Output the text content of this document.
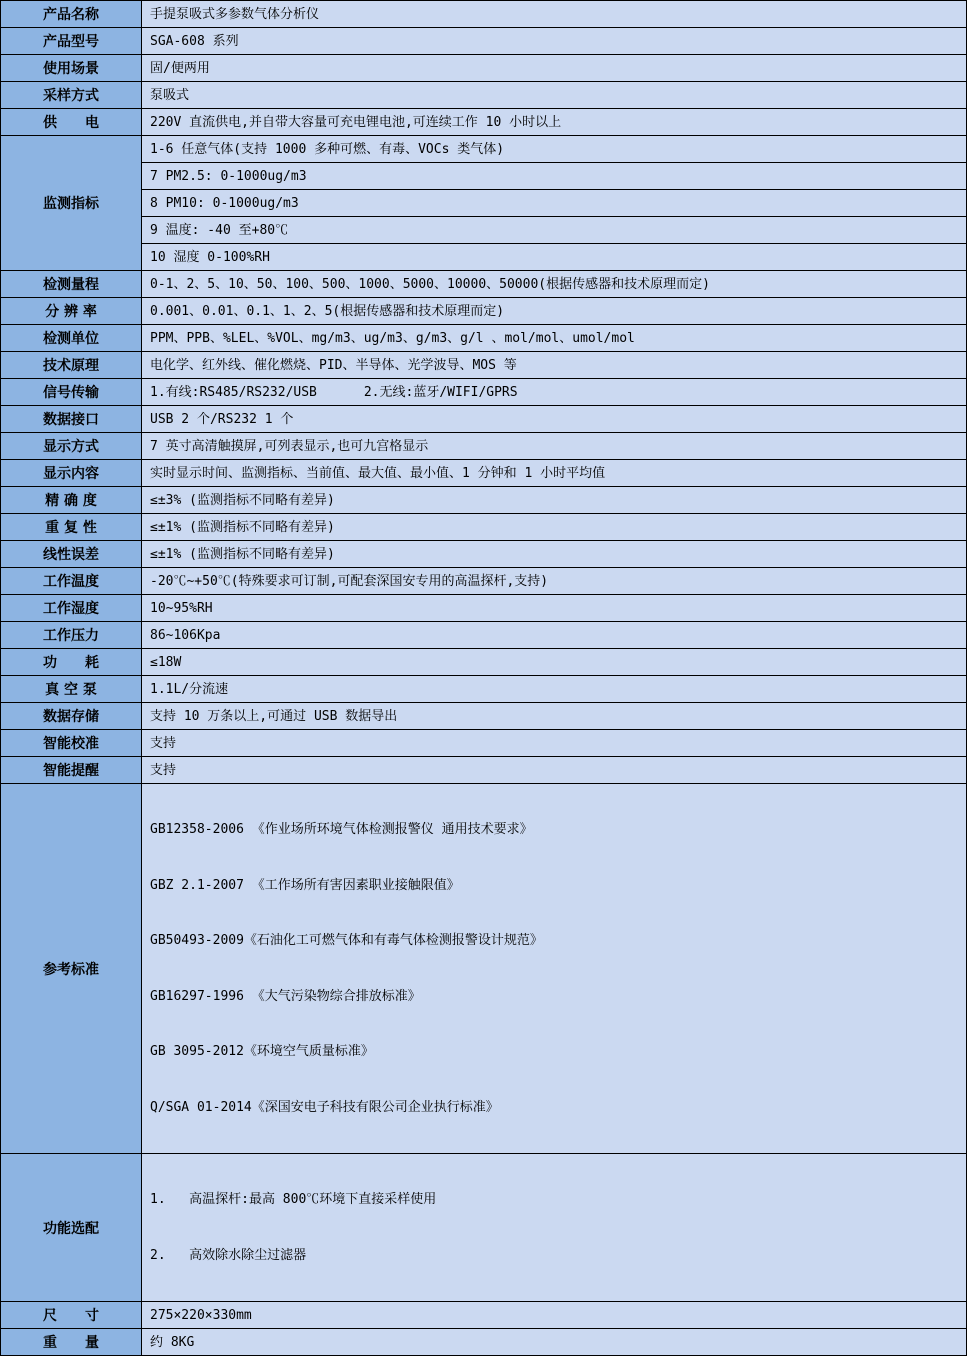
产品名称	手提泵吸式多参数气体分析仪
产品型号	SGA-608 系列
使用场景	固/便两用
采样方式	泵吸式
供　　电	220V 直流供电,并自带大容量可充电锂电池,可连续工作 10 小时以上
监测指标	1-6 任意气体(支持 1000 多种可燃、有毒、VOCs 类气体)
	7 PM2.5: 0-1000ug/m3
	8 PM10: 0-1000ug/m3
	9 温度: -40 至+80℃
	10 湿度 0-100%RH
检测量程	0-1、2、5、10、50、100、500、1000、5000、10000、50000(根据传感器和技术原理而定)
分 辨 率	0.001、0.01、0.1、1、2、5(根据传感器和技术原理而定)
检测单位	PPM、PPB、%LEL、%VOL、mg/m3、ug/m3、g/m3、g/l 、mol/mol、umol/mol
技术原理	电化学、红外线、催化燃烧、PID、半导体、光学波导、MOS 等
信号传输	1.有线:RS485/RS232/USB      2.无线:蓝牙/WIFI/GPRS
数据接口	USB 2 个/RS232 1 个
显示方式	7 英寸高清触摸屏,可列表显示,也可九宫格显示
显示内容	实时显示时间、监测指标、当前值、最大值、最小值、1 分钟和 1 小时平均值
精 确 度	≤±3% (监测指标不同略有差异)
重 复 性	≤±1% (监测指标不同略有差异)
线性误差	≤±1% (监测指标不同略有差异)
工作温度	-20℃~+50℃(特殊要求可订制,可配套深国安专用的高温探杆,支持)
工作湿度	10~95%RH
工作压力	86~106Kpa
功　　耗	≤18W
真 空 泵	1.1L/分流速
数据存储	支持 10 万条以上,可通过 USB 数据导出
智能校准	支持
智能提醒	支持
参考标准	

GB12358-2006 《作业场所环境气体检测报警仪 通用技术要求》

GBZ 2.1-2007 《工作场所有害因素职业接触限值》

GB50493-2009《石油化工可燃气体和有毒气体检测报警设计规范》

GB16297-1996 《大气污染物综合排放标准》

GB 3095-2012《环境空气质量标准》

Q/SGA 01-2014《深国安电子科技有限公司企业执行标准》

功能选配	1.   高温探杆:最高 800℃环境下直接采样使用

2.   高效除水除尘过滤器

尺　　寸	275×220×330mm
重　　量	约 8KG
